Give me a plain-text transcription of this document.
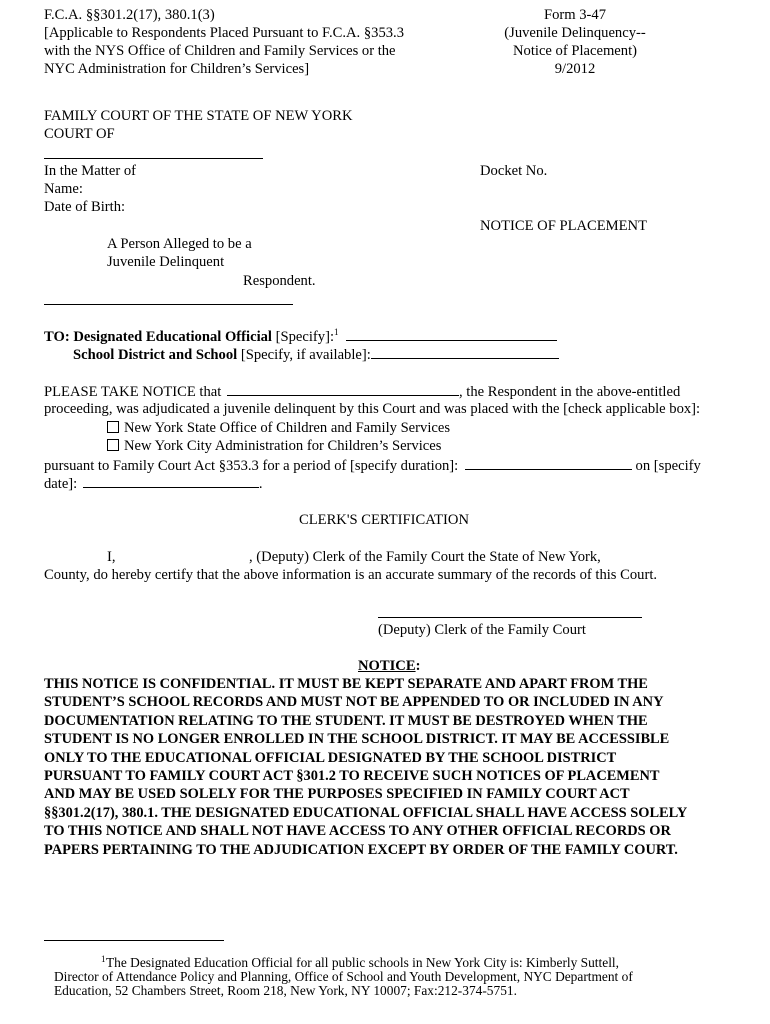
F.C.A. §§301.2(17), 380.1(3)
[Applicable to Respondents Placed Pursuant to F.C.A. §353.3
with the NYS Office of Children and Family Services or the
NYC Administration for Children’s Services]
Form 3-47
(Juvenile Delinquency--
Notice of Placement)
9/2012
FAMILY COURT OF THE STATE OF NEW YORK
COURT OF
In the Matter of
Name:
Date of Birth:
Docket No.
NOTICE OF PLACEMENT
A Person Alleged to be a
Juvenile Delinquent
Respondent.
TO: Designated Educational Official [Specify]:$^1$
School District and School [Specify, if available]:
PLEASE TAKE NOTICE that	, the Respondent in the above-entitled
proceeding, was adjudicated a juvenile delinquent by this Court and was placed with the [check applicable box]:
New York State Office of Children and Family Services
New York City Administration for Children’s Services
pursuant to Family Court Act §353.3 for a period of [specify duration]:	on [specify
date]:	.
CLERK'S CERTIFICATION
I,	, (Deputy) Clerk of the Family Court the State of New York,
County, do hereby certify that the above information is an accurate summary of the records of this Court.
(Deputy) Clerk of the Family Court
NOTICE:
THIS NOTICE IS CONFIDENTIAL. IT MUST BE KEPT SEPARATE AND APART FROM THE
STUDENT’S SCHOOL RECORDS AND MUST NOT BE APPENDED TO OR INCLUDED IN ANY
DOCUMENTATION RELATING TO THE STUDENT. IT MUST BE DESTROYED WHEN THE
STUDENT IS NO LONGER ENROLLED IN THE SCHOOL DISTRICT. IT MAY BE ACCESSIBLE
ONLY TO THE EDUCATIONAL OFFICIAL DESIGNATED BY THE SCHOOL DISTRICT
PURSUANT TO FAMILY COURT ACT §301.2 TO RECEIVE SUCH NOTICES OF PLACEMENT
AND MAY BE USED SOLELY FOR THE PURPOSES SPECIFIED IN FAMILY COURT ACT
§§301.2(17), 380.1. THE DESIGNATED EDUCATIONAL OFFICIAL SHALL HAVE ACCESS SOLELY
TO THIS NOTICE AND SHALL NOT HAVE ACCESS TO ANY OTHER OFFICIAL RECORDS OR
PAPERS PERTAINING TO THE ADJUDICATION EXCEPT BY ORDER OF THE FAMILY COURT.
1 The Designated Education Official for all public schools in New York City is: Kimberly Suttell,
Director of Attendance Policy and Planning, Office of School and Youth Development, NYC Department of
Education, 52 Chambers Street, Room 218, New York, NY 10007; Fax:212-374-5751.
